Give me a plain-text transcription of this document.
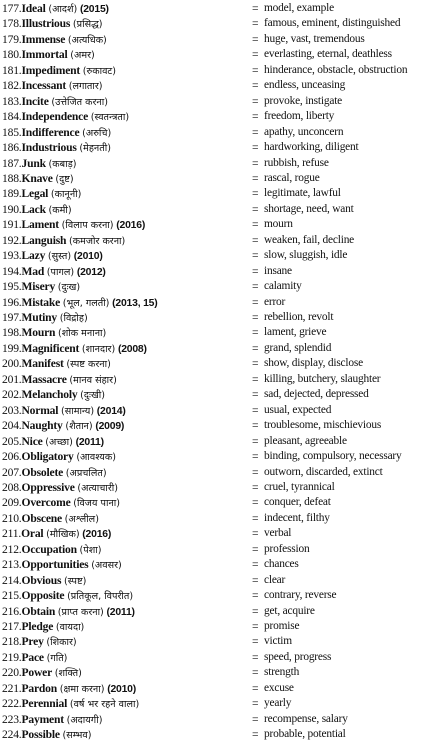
177.Ideal (आदर्श) (2015)	= model, example
178.Illustrious (प्रसिद्ध)	= famous, eminent, distinguished
179.Immense (अत्यधिक)	= huge, vast, tremendous
180.Immortal (अमर)	= everlasting, eternal, deathless
181.Impediment (रुकावट)	= hinderance, obstacle, obstruction
182.Incessant (लगातार)	= endless, unceasing
183.Incite (उत्तेजित करना)	= provoke, instigate
184.Independence (स्वतन्त्रता)	= freedom, liberty
185.Indifference (अरुचि)	= apathy, unconcern
186.Industrious (मेहनती)	= hardworking, diligent
187.Junk (कबाड़)	= rubbish, refuse
188.Knave (दुष्ट)	= rascal, rogue
189.Legal (कानूनी)	= legitimate, lawful
190.Lack (कमी)	= shortage, need, want
191.Lament (विलाप करना) (2016)	= mourn
192.Languish (कमजोर करना)	= weaken, fail, decline
193.Lazy (सुस्त) (2010)	= slow, sluggish, idle
194.Mad (पागल) (2012)	= insane
195.Misery (दुःख)	= calamity
196.Mistake (भूल, गलती) (2013, 15)	= error
197.Mutiny (विद्रोह)	= rebellion, revolt
198.Mourn (शोक मनाना)	= lament, grieve
199.Magnificent (शानदार) (2008)	= grand, splendid
200.Manifest (स्पष्ट करना)	= show, display, disclose
201.Massacre (मानव संहार)	= killing, butchery, slaughter
202.Melancholy (दुःखी)	= sad, dejected, depressed
203.Normal (सामान्य) (2014)	= usual, expected
204.Naughty (शैतान) (2009)	= troublesome, mischievious
205.Nice (अच्छा) (2011)	= pleasant, agreeable
206.Obligatory (आवश्यक)	= binding, compulsory, necessary
207.Obsolete (अप्रचलित)	= outworn, discarded, extinct
208.Oppressive (अत्याचारी)	= cruel, tyrannical
209.Overcome (विजय पाना)	= conquer, defeat
210.Obscene (अश्लील)	= indecent, filthy
211.Oral (मौखिक) (2016)	= verbal
212.Occupation (पेशा)	= profession
213.Opportunities (अवसर)	= chances
214.Obvious (स्पष्ट)	= clear
215.Opposite (प्रतिकूल, विपरीत)	= contrary, reverse
216.Obtain (प्राप्त करना) (2011)	= get, acquire
217.Pledge (वायदा)	= promise
218.Prey (शिकार)	= victim
219.Pace (गति)	= speed, progress
220.Power (शक्ति)	= strength
221.Pardon (क्षमा करना) (2010)	= excuse
222.Perennial (वर्ष भर रहने वाला)	= yearly
223.Payment (अदायगी)	= recompense, salary
224.Possible (सम्भव)	= probable, potential
